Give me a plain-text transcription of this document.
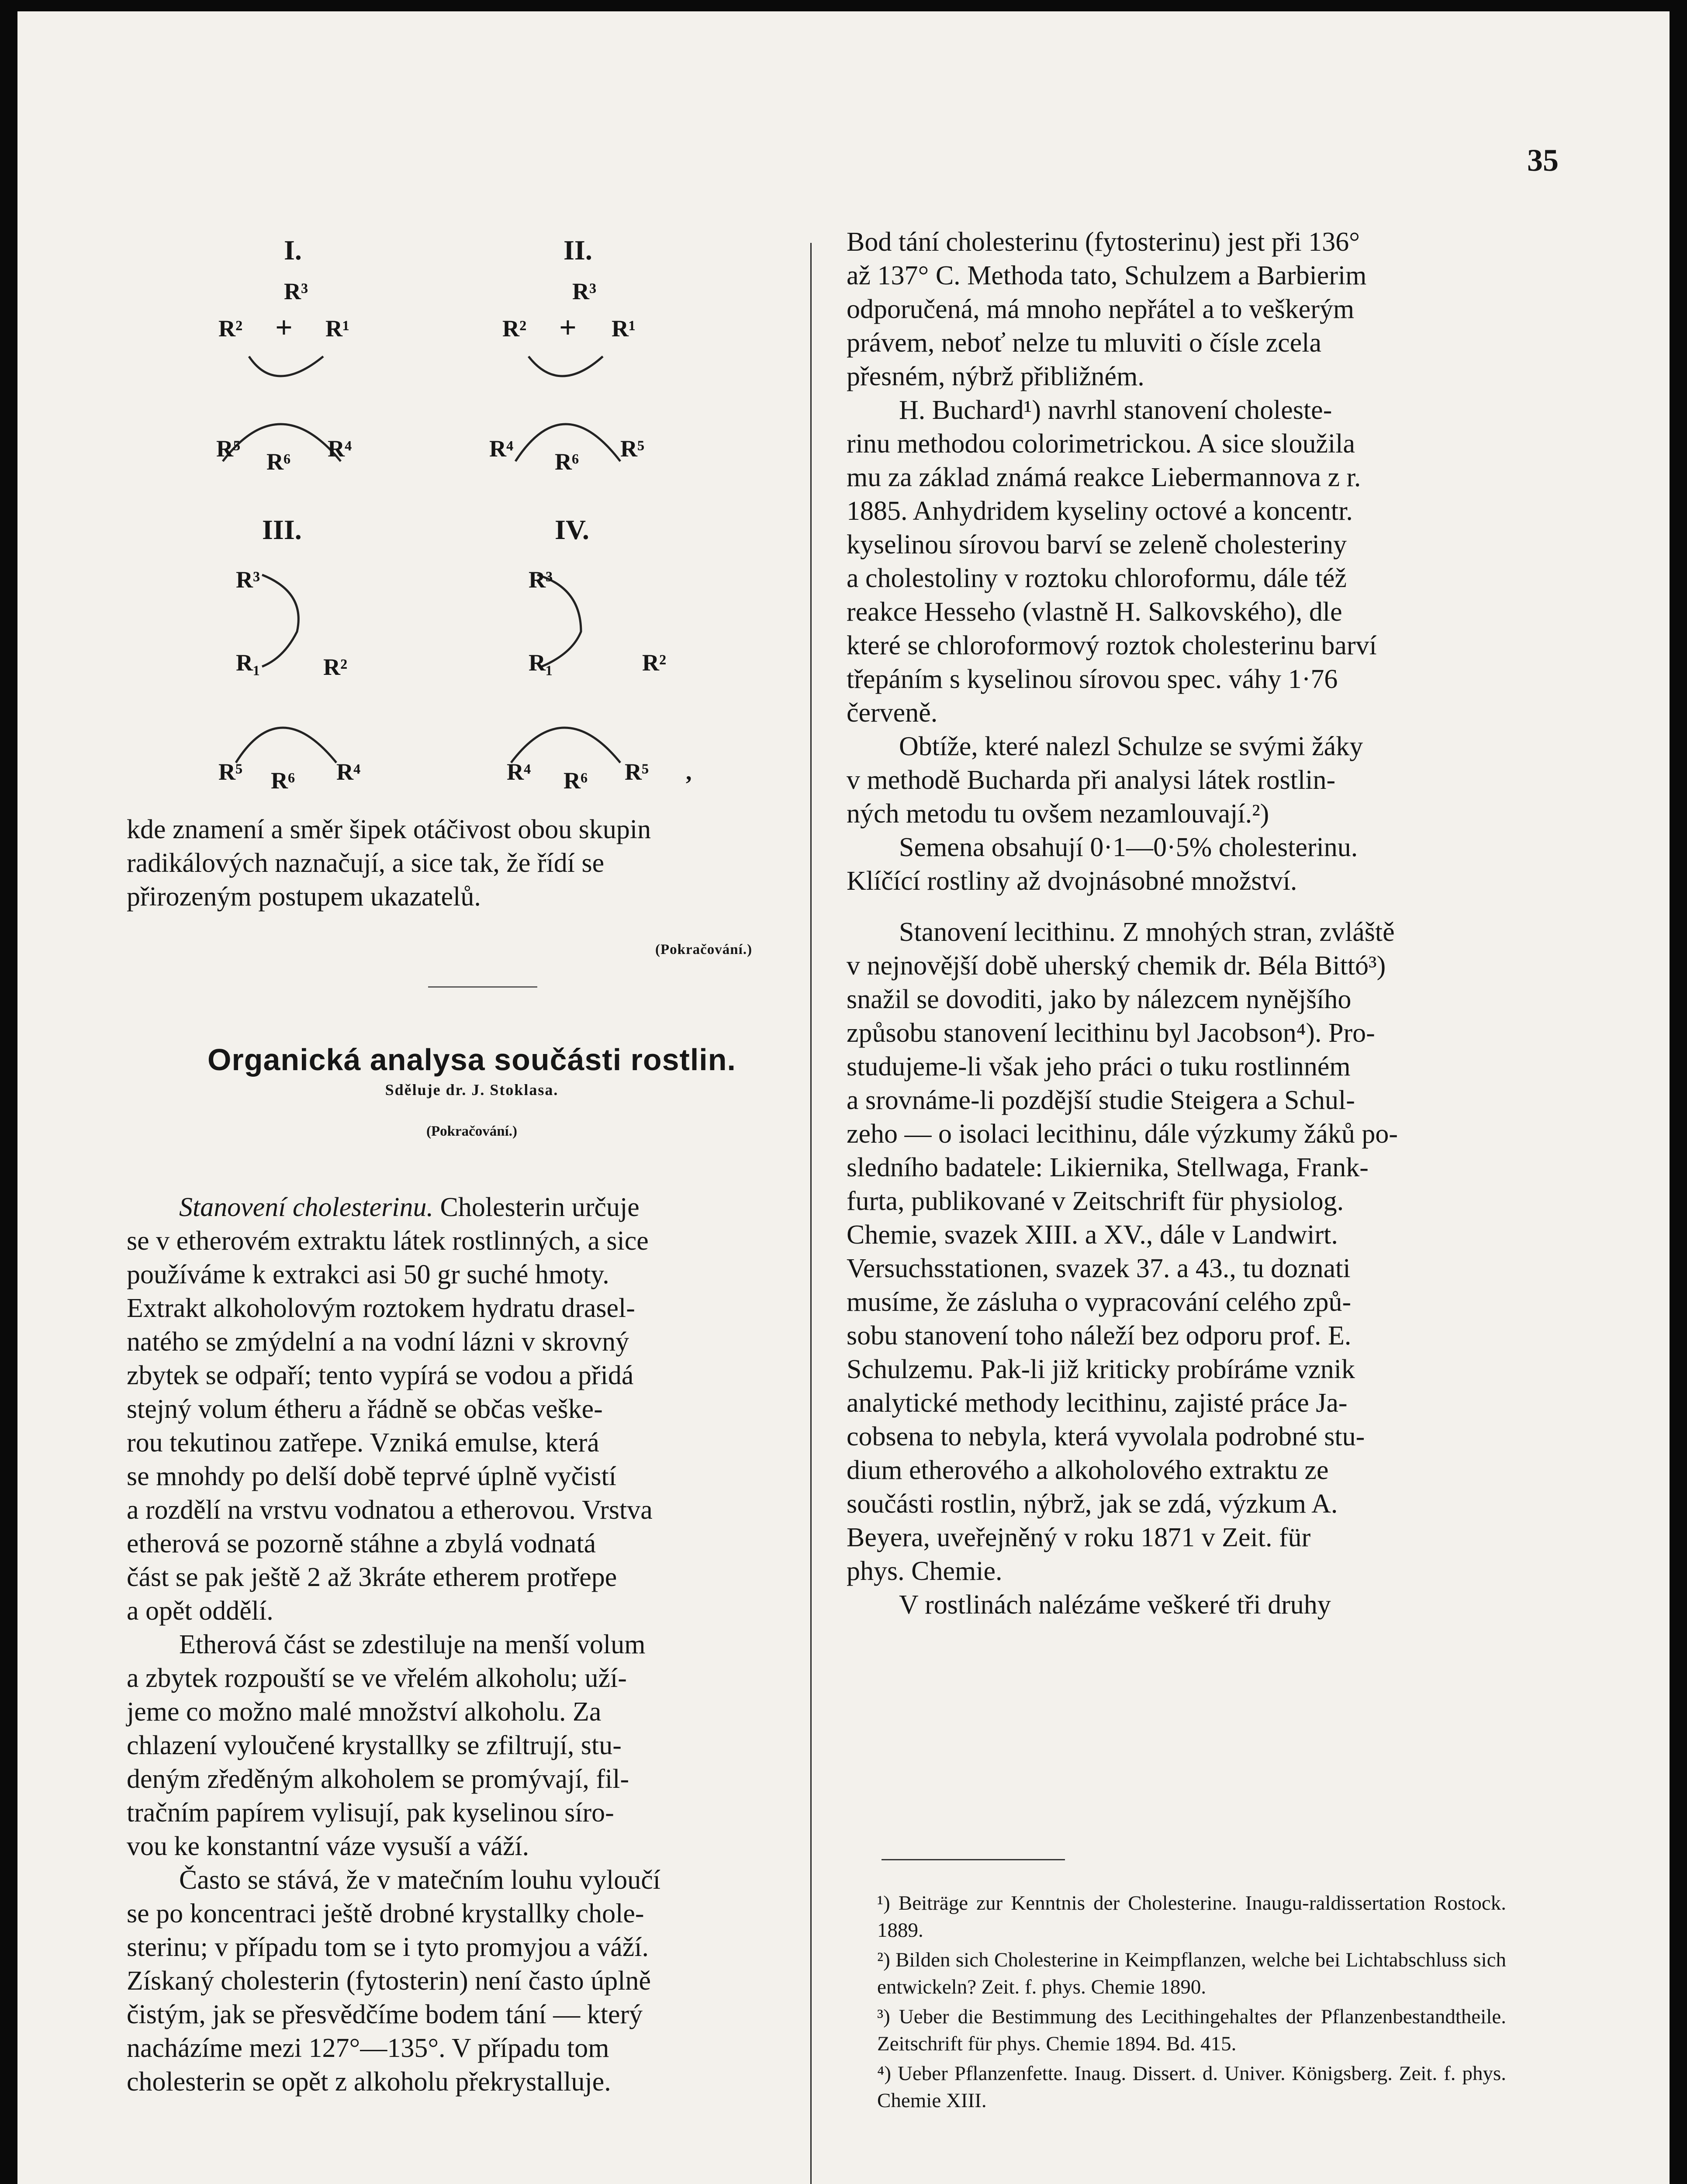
35
I.
R³
R² + R¹
R⁵ R⁶ R⁴
II.
R³
R² + R¹
R⁴ R⁶ R⁵
III.
R³
R₁	R²
R⁵ R⁶ R⁴
IV.
R³
R₁	R²
R⁴ R⁶ R⁵ ,

kde znamení a směr šipek otáčivost obou skupin

radikálových naznačují, a sice tak, že řídí se

přirozeným postupem ukazatelů.

(Pokračování.)
Organická analysa součásti rostlin.
Sděluje dr. J. Stoklasa.
(Pokračování.)

Stanovení cholesterinu. Cholesterin určuje

se v etherovém extraktu látek rostlinných, a sice

používáme k extrakci asi 50 gr suché hmoty.

Extrakt alkoholovým roztokem hydratu drasel-

natého se zmýdelní a na vodní lázni v skrovný

zbytek se odpaří; tento vypírá se vodou a přidá

stejný volum étheru a řádně se občas veške-

rou tekutinou zatřepe. Vzniká emulse, která

se mnohdy po delší době teprvé úplně vyčistí

a rozdělí na vrstvu vodnatou a etherovou. Vrstva

etherová se pozorně stáhne a zbylá vodnatá

část se pak ještě 2 až 3kráte etherem protřepe

a opět oddělí.

Etherová část se zdestiluje na menší volum

a zbytek rozpouští se ve vřelém alkoholu; uží-

jeme co možno malé množství alkoholu. Za

chlazení vyloučené krystallky se zfiltrují, stu-

deným zředěným alkoholem se promývají, fil-

tračním papírem vylisují, pak kyselinou síro-

vou ke konstantní váze vysuší a váží.

Často se stává, že v matečním louhu vyloučí

se po koncentraci ještě drobné krystallky chole-

sterinu; v případu tom se i tyto promyjou a váží.

Získaný cholesterin (fytosterin) není často úplně

čistým, jak se přesvědčíme bodem tání — který

nacházíme mezi 127°—135°. V případu tom

cholesterin se opět z alkoholu překrystalluje.

Bod tání cholesterinu (fytosterinu) jest při 136°

až 137° C. Methoda tato, Schulzem a Barbierim

odporučená, má mnoho nepřátel a to veškerým

právem, neboť nelze tu mluviti o čísle zcela

přesném, nýbrž přibližném.

H. Buchard¹) navrhl stanovení choleste-

rinu methodou colorimetrickou. A sice sloužila

mu za základ známá reakce Liebermannova z r.

1885. Anhydridem kyseliny octové a koncentr.

kyselinou sírovou barví se zeleně cholesteriny

a cholestoliny v roztoku chloroformu, dále též

reakce Hesseho (vlastně H. Salkovského), dle

které se chloroformový roztok cholesterinu barví

třepáním s kyselinou sírovou spec. váhy 1·76

červeně.

Obtíže, které nalezl Schulze se svými žáky

v methodě Bucharda při analysi látek rostlin-

ných metodu tu ovšem nezamlouvají.²)

Semena obsahují 0·1—0·5% cholesterinu.

Klíčící rostliny až dvojnásobné množství.

Stanovení lecithinu. Z mnohých stran, zvláště

v nejnovější době uherský chemik dr. Béla Bittó³)

snažil se dovoditi, jako by nálezcem nynějšího

způsobu stanovení lecithinu byl Jacobson⁴). Pro-

studujeme-li však jeho práci o tuku rostlinném

a srovnáme-li pozdější studie Steigera a Schul-

zeho — o isolaci lecithinu, dále výzkumy žáků po-

sledního badatele: Likiernika, Stellwaga, Frank-

furta, publikované v Zeitschrift für physiolog.

Chemie, svazek XIII. a XV., dále v Landwirt.

Versuchsstationen, svazek 37. a 43., tu doznati

musíme, že zásluha o vypracování celého způ-

sobu stanovení toho náleží bez odporu prof. E.

Schulzemu. Pak-li již kriticky probíráme vznik

analytické methody lecithinu, zajisté práce Ja-

cobsena to nebyla, která vyvolala podrobné stu-

dium etherového a alkoholového extraktu ze

součásti rostlin, nýbrž, jak se zdá, výzkum A.

Beyera, uveřejněný v roku 1871 v Zeit. für

phys. Chemie.

V rostlinách nalézáme veškeré tři druhy

¹) Beiträge zur Kenntnis der Cholesterine. Inaugu-raldissertation Rostock. 1889.

²) Bilden sich Cholesterine in Keimpflanzen, welche bei Lichtabschluss sich entwickeln? Zeit. f. phys. Chemie 1890.

³) Ueber die Bestimmung des Lecithingehaltes der Pflanzenbestandtheile. Zeitschrift für phys. Chemie 1894. Bd. 415.

⁴) Ueber Pflanzenfette. Inaug. Dissert. d. Univer. Königsberg. Zeit. f. phys. Chemie XIII.
